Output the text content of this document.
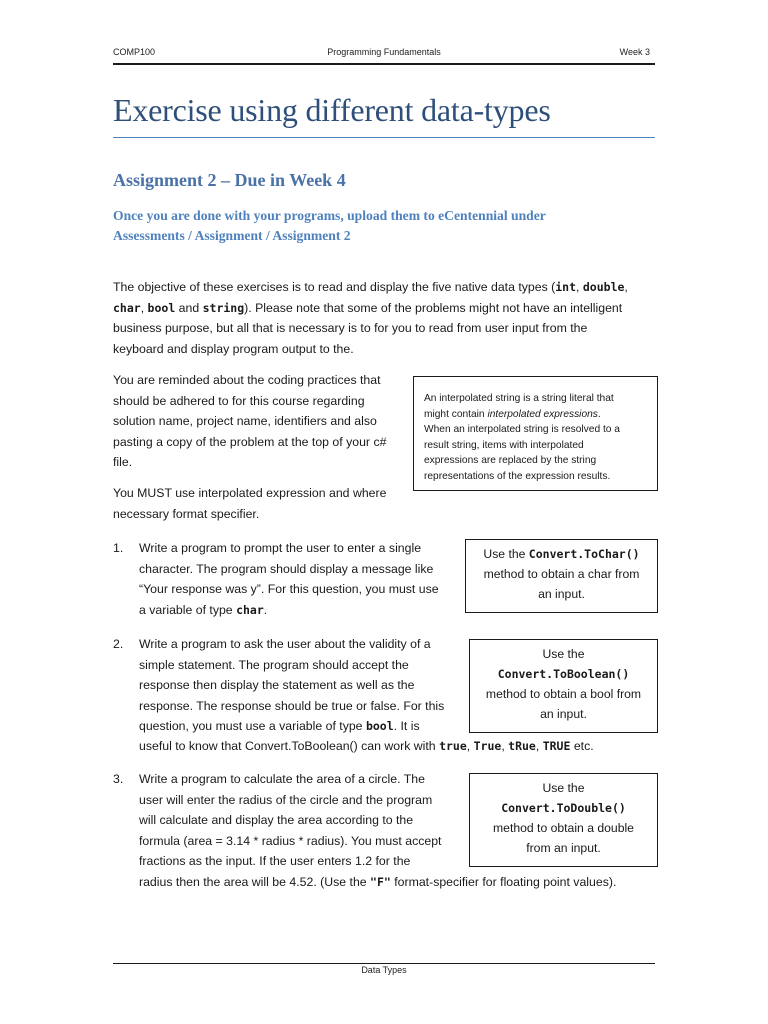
COMP100	Programming Fundamentals	Week 3
Exercise using different data-types
Assignment 2 – Due in Week 4
Once you are done with your programs, upload them to eCentennial under
Assessments / Assignment / Assignment 2
The objective of these exercises is to read and display the five native data types (int, double,
char, bool and string). Please note that some of the problems might not have an intelligent
business purpose, but all that is necessary is to for you to read from user input from the
keyboard and display program output to the.
You are reminded about the coding practices that
should be adhered to for this course regarding
solution name, project name, identifiers and also
pasting a copy of the problem at the top of your c#
file.
You MUST use interpolated expression and where
necessary format specifier.
An interpolated string is a string literal that
might contain interpolated expressions.
When an interpolated string is resolved to a
result string, items with interpolated
expressions are replaced by the string
representations of the expression results.
1. Write a program to prompt the user to enter a single
character. The program should display a message like
“Your response was y”. For this question, you must use
a variable of type char.
Use the Convert.ToChar()
method to obtain a char from
an input.
2. Write a program to ask the user about the validity of a
simple statement. The program should accept the
response then display the statement as well as the
response. The response should be true or false. For this
question, you must use a variable of type bool. It is
useful to know that Convert.ToBoolean() can work with true, True, tRue, TRUE etc.
Use the
Convert.ToBoolean()
method to obtain a bool from
an input.
3. Write a program to calculate the area of a circle. The
user will enter the radius of the circle and the program
will calculate and display the area according to the
formula (area = 3.14 * radius * radius). You must accept
fractions as the input. If the user enters 1.2 for the
radius then the area will be 4.52. (Use the "F" format-specifier for floating point values).
Use the
Convert.ToDouble()
method to obtain a double
from an input.
Data Types
